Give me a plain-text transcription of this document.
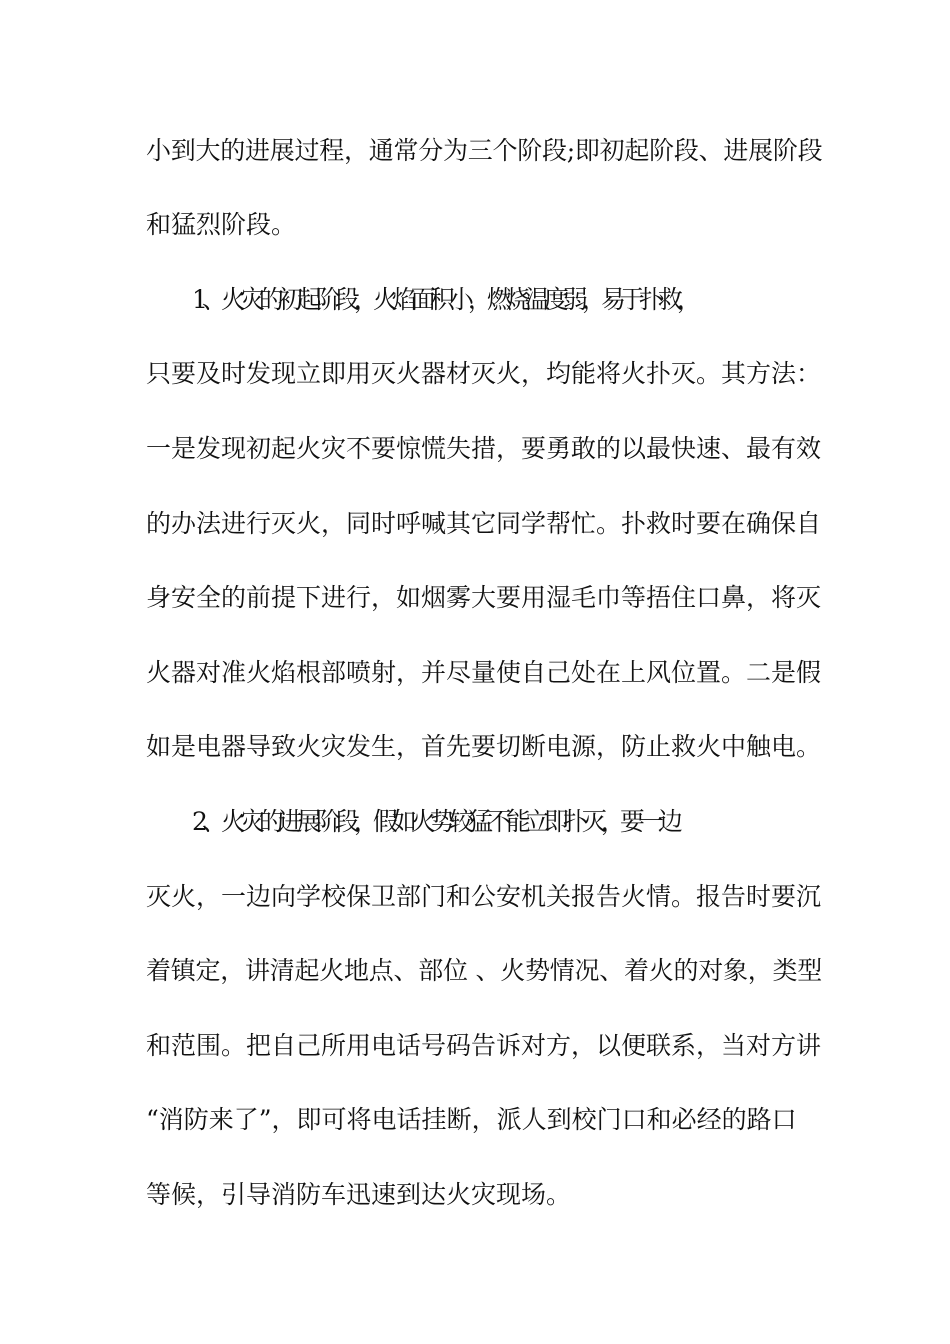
小到大的进展过程，通常分为三个阶段;即初起阶段、进展阶段
和猛烈阶段。
1、火灾的初起阶段，火焰面积小，燃烧温度弱，易于扑救，
只要及时发现立即用灭火器材灭火，均能将火扑灭。其方法：
一是发现初起火灾不要惊慌失措，要勇敢的以最快速、最有效
的办法进行灭火，同时呼喊其它同学帮忙。扑救时要在确保自
身安全的前提下进行，如烟雾大要用湿毛巾等捂住口鼻，将灭
火器对准火焰根部喷射，并尽量使自己处在上风位置。二是假
如是电器导致火灾发生，首先要切断电源，防止救火中触电。
2、火灾的进展阶段，假如火势较猛不能立即扑灭，要一边
灭火，一边向学校保卫部门和公安机关报告火情。报告时要沉
着镇定，讲清起火地点、部位 、火势情况、着火的对象，类型
和范围。把自己所用电话号码告诉对方，以便联系，当对方讲
“消防来了”，即可将电话挂断，派人到校门口和必经的路口
等候，引导消防车迅速到达火灾现场。
